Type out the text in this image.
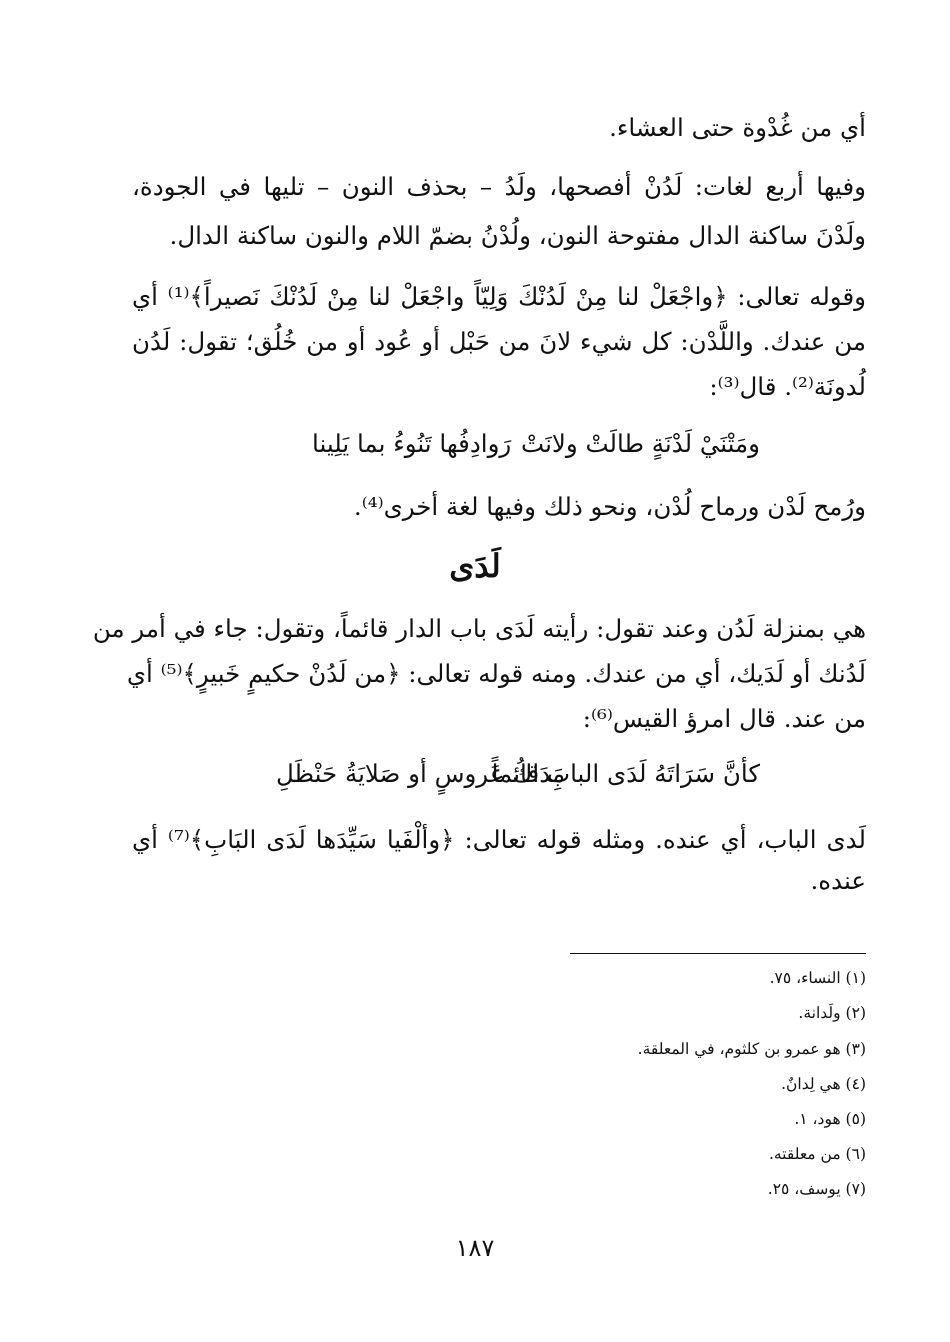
أي من غُدْوة حتى العشاء.
وفيها أربع لغات: لَدُنْ أفصحها، ولَدُ – بحذف النون – تليها في الجودة،
ولَدْنَ ساكنة الدال مفتوحة النون، ولُدْنُ بضمّ اللام والنون ساكنة الدال.
وقوله تعالى: ﴿واجْعَلْ لنا مِنْ لَدُنْكَ وَلِيّاً واجْعَلْ لنا مِنْ لَدُنْكَ نَصيراً﴾⁽¹⁾ أي
من عندك. واللَّدْن: كل شيء لانَ من حَبْل أو عُود أو من خُلُق؛ تقول: لَدُن
لُدونَة⁽²⁾. قال⁽³⁾:
ومَتْنَيْ لَدْنَةٍ طالَتْ ولانَتْ
رَوادِفُها تَنُوءُ بما يَلِينا
ورُمح لَدْن ورماح لُدْن، ونحو ذلك وفيها لغة أخرى⁽⁴⁾.
لَدَى
هي بمنزلة لَدُن وعند تقول: رأيته لَدَى باب الدار قائماً، وتقول: جاء في أمر من
لَدُنك أو لَدَيك، أي من عندك. ومنه قوله تعالى: ﴿من لَدُنْ حكيمٍ خَبيرٍ﴾⁽⁵⁾ أي
من عند. قال امرؤ القيس⁽⁶⁾:
كأنَّ سَرَاتَهُ لَدَى البابِ قائماً
مَدَاكُ عَروسٍ أو صَلايَةُ حَنْظَلِ
لَدى الباب، أي عنده. ومثله قوله تعالى: ﴿وألْفَيا سَيِّدَها لَدَى البَابِ﴾⁽⁷⁾ أي
عنده.
(١) النساء، ٧٥.
(٢) ولَدانة.
(٣) هو عمرو بن كلثوم، في المعلقة.
(٤) هي لِدانٌ.
(٥) هود، ١.
(٦) من معلقته.
(٧) يوسف، ٢٥.
١٨٧
